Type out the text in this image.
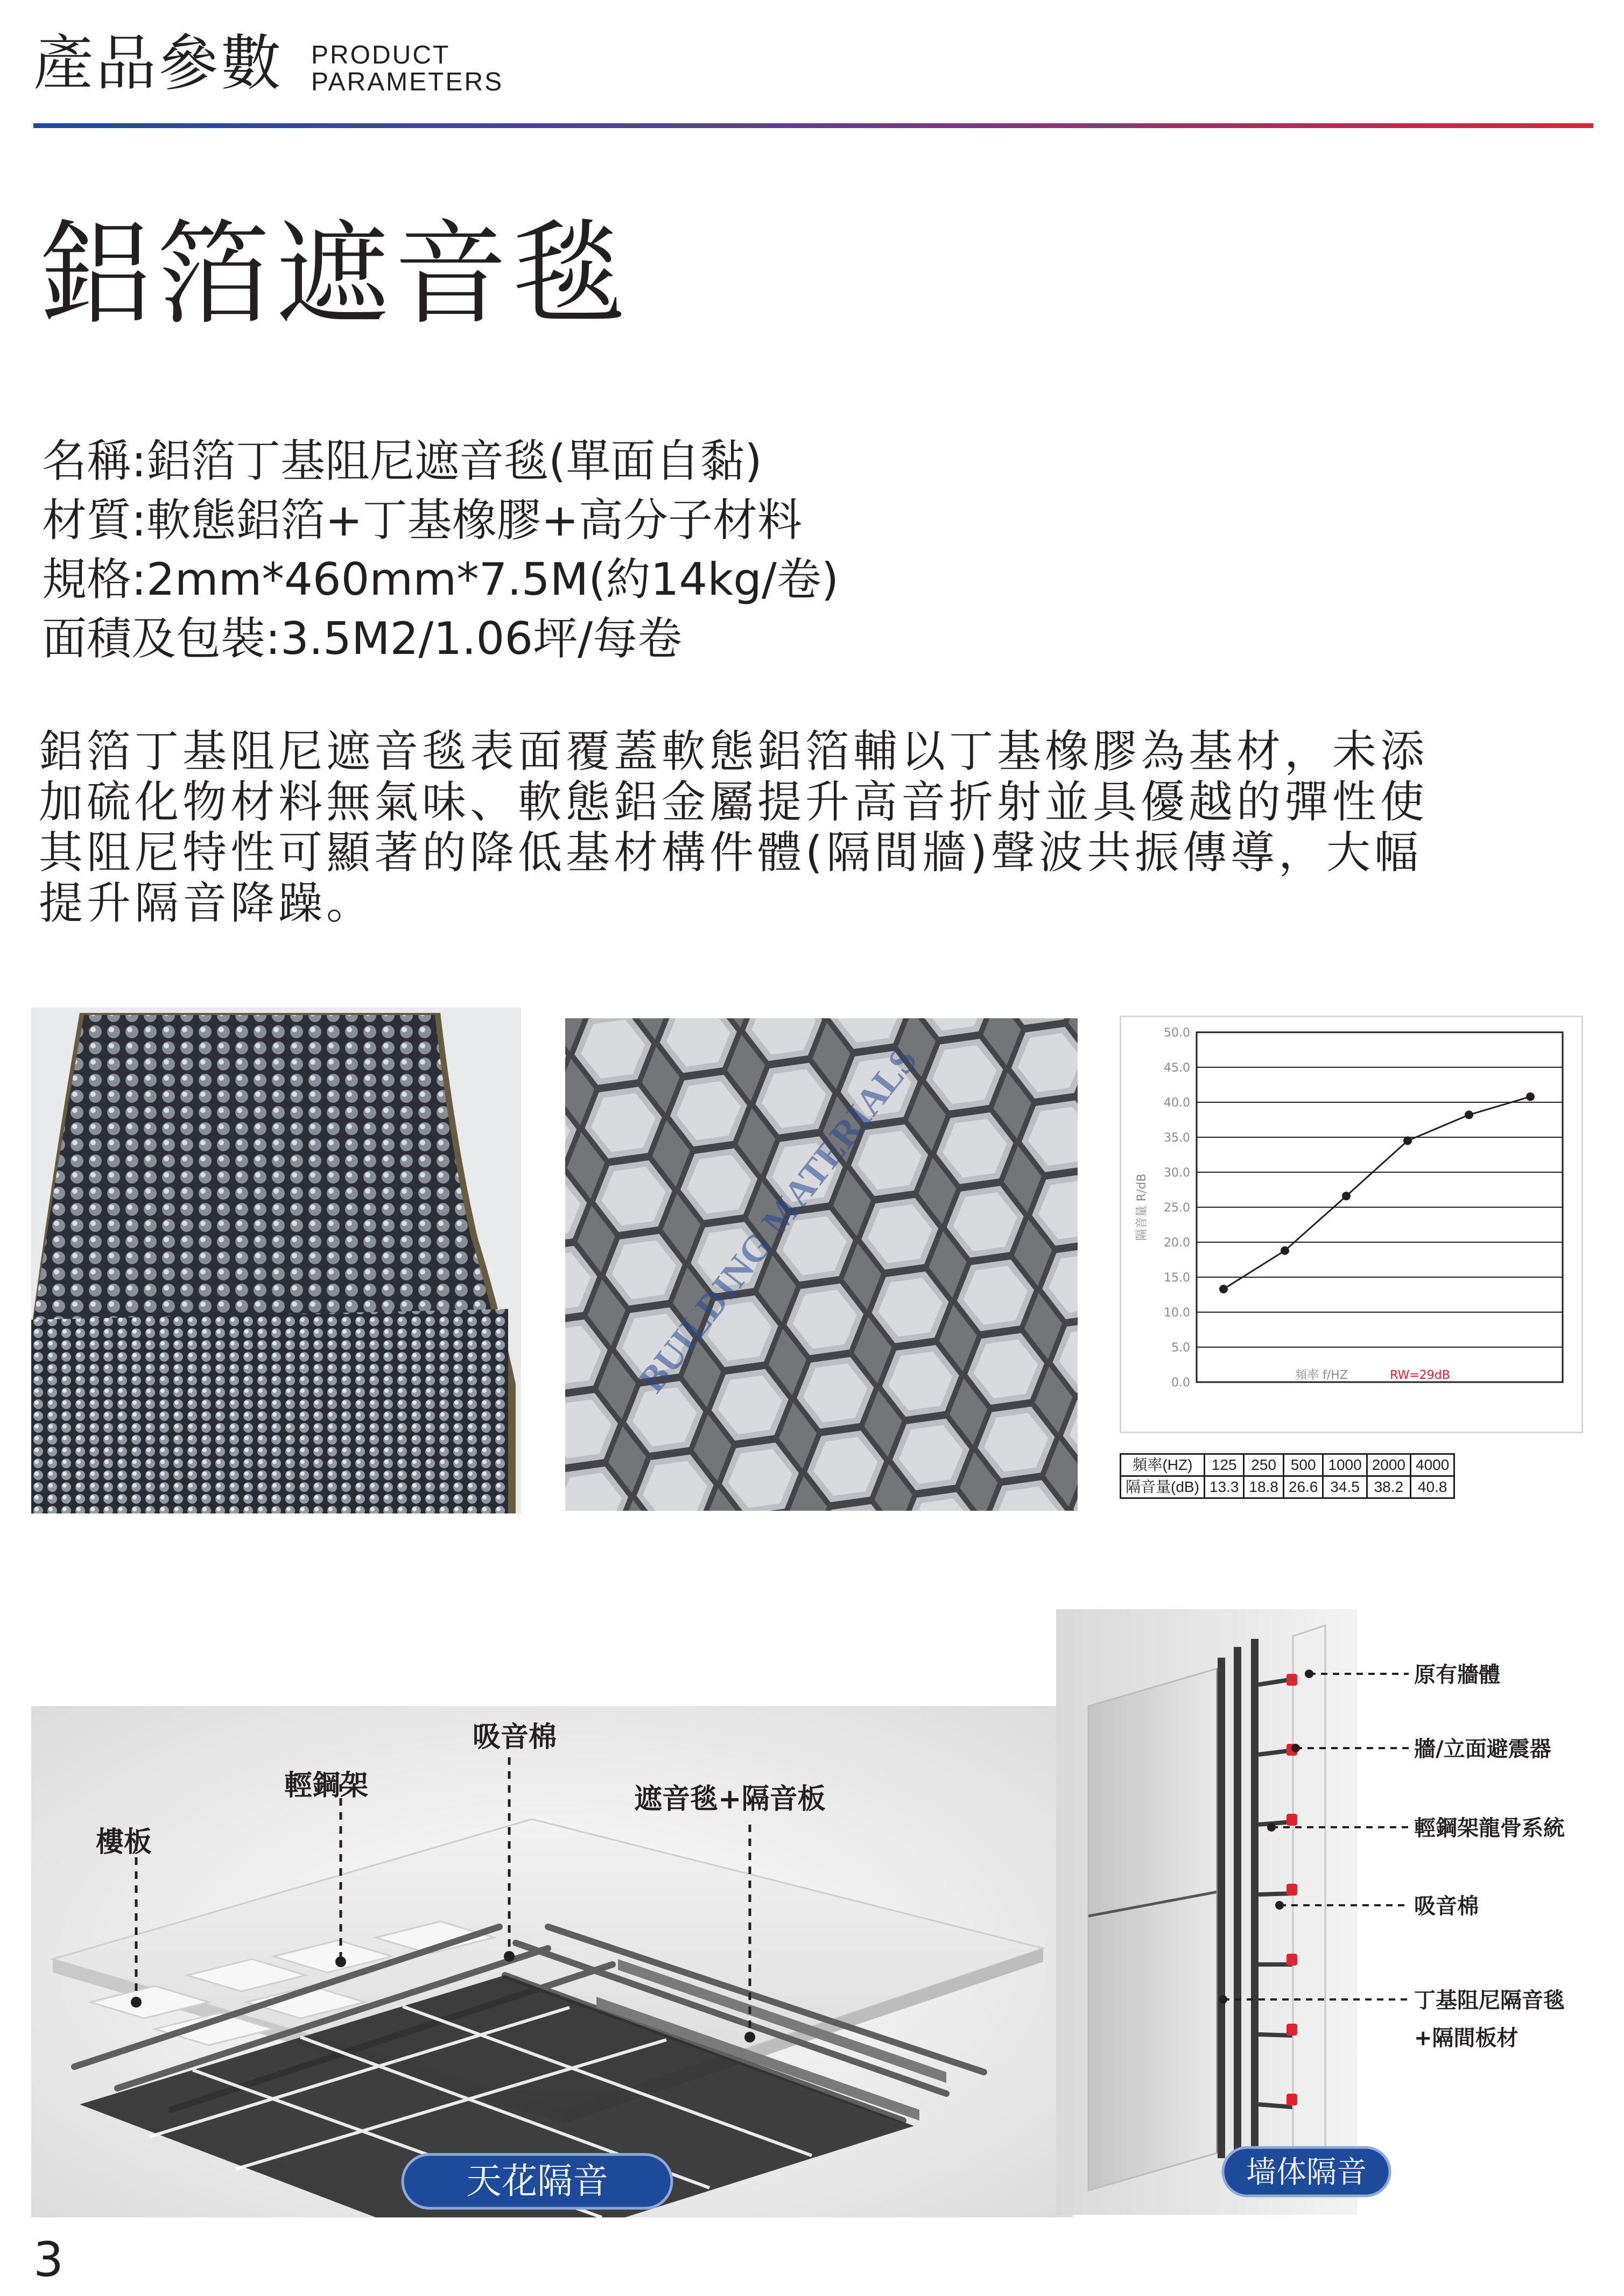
產品參數 PRODUCT
PARAMETERS
鋁箔遮音毯
名稱:鋁箔丁基阻尼遮音毯(單面自黏)
材質:軟態鋁箔+丁基橡膠+高分子材料
規格:2mm*460mm*7.5M(約14kg/卷)
面積及包裝:3.5M2/1.06坪/每卷
鋁箔丁基阻尼遮音毯表面覆蓋軟態鋁箔輔以丁基橡膠為基材，未添
加硫化物材料無氣味、軟態鋁金屬提升高音折射並具優越的彈性使
其阻尼特性可顯著的降低基材構件體(隔間牆)聲波共振傳導，大幅
提升隔音降躁。
BUILDING MATERIALS	0.0
5.0
10.0
15.0
20.0
25.0
30.0
35.0
40.0
45.0
50.0
隔音量 R/dB
頻率 f/HZ	RW=29dB
頻率(HZ)	125	250	500	1000	2000	4000
隔音量(dB)	13.3	18.8	26.6	34.5	38.2	40.8
樓板
輕鋼架
吸音棉
遮音毯+隔音板
天花隔音
原有牆體
牆/立面避震器
輕鋼架龍骨系統
吸音棉
丁基阻尼隔音毯
+隔間板材
墙体隔音
3
